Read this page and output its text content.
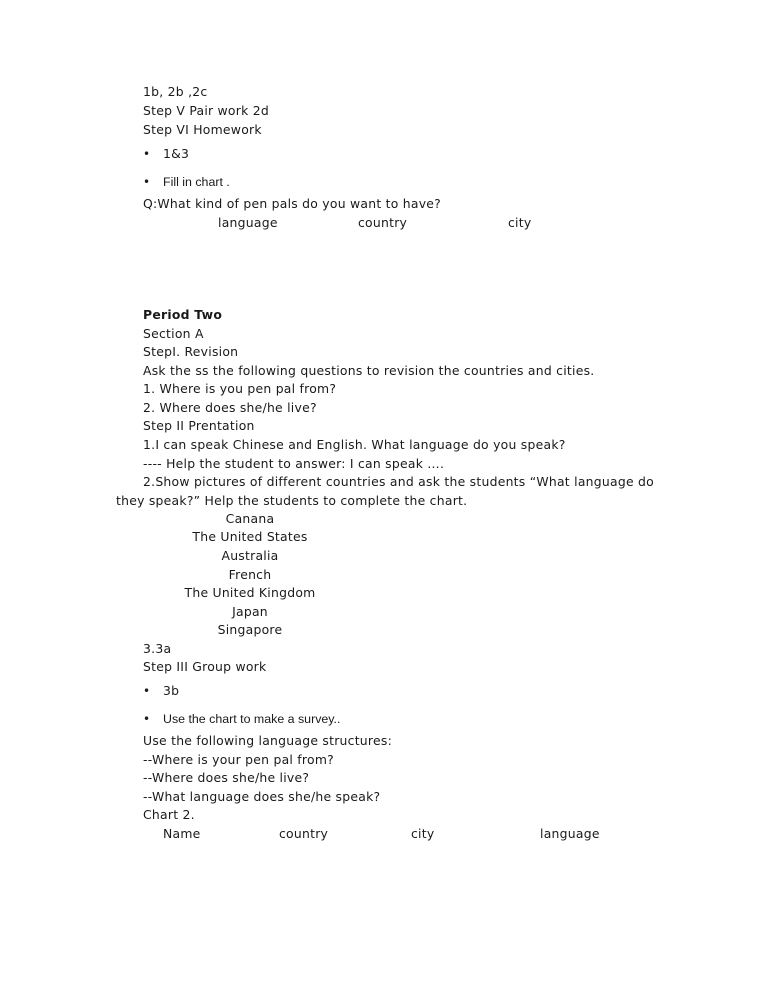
1b, 2b ,2c
Step V Pair work 2d
Step VI Homework
• 1&3
• Fill in chart .
Q:What kind of pen pals do you want to have?
language	country	city
Period Two
Section A
StepI. Revision
Ask the ss the following questions to revision the countries and cities.
1. Where is you pen pal from?
2. Where does she/he live?
Step II Prentation
1.I can speak Chinese and English. What language do you speak?
---- Help the student to answer: I can speak ….
2.Show pictures of different countries and ask the students “What language do they speak?” Help the students to complete the chart.
Canana
The United States
Australia
French
The United Kingdom
Japan
Singapore
3.3a
Step III Group work
• 3b
• Use the chart to make a survey..
Use the following language structures:
--Where is your pen pal from?
--Where does she/he live?
--What language does she/he speak?
Chart 2.
Name	country	city	language
